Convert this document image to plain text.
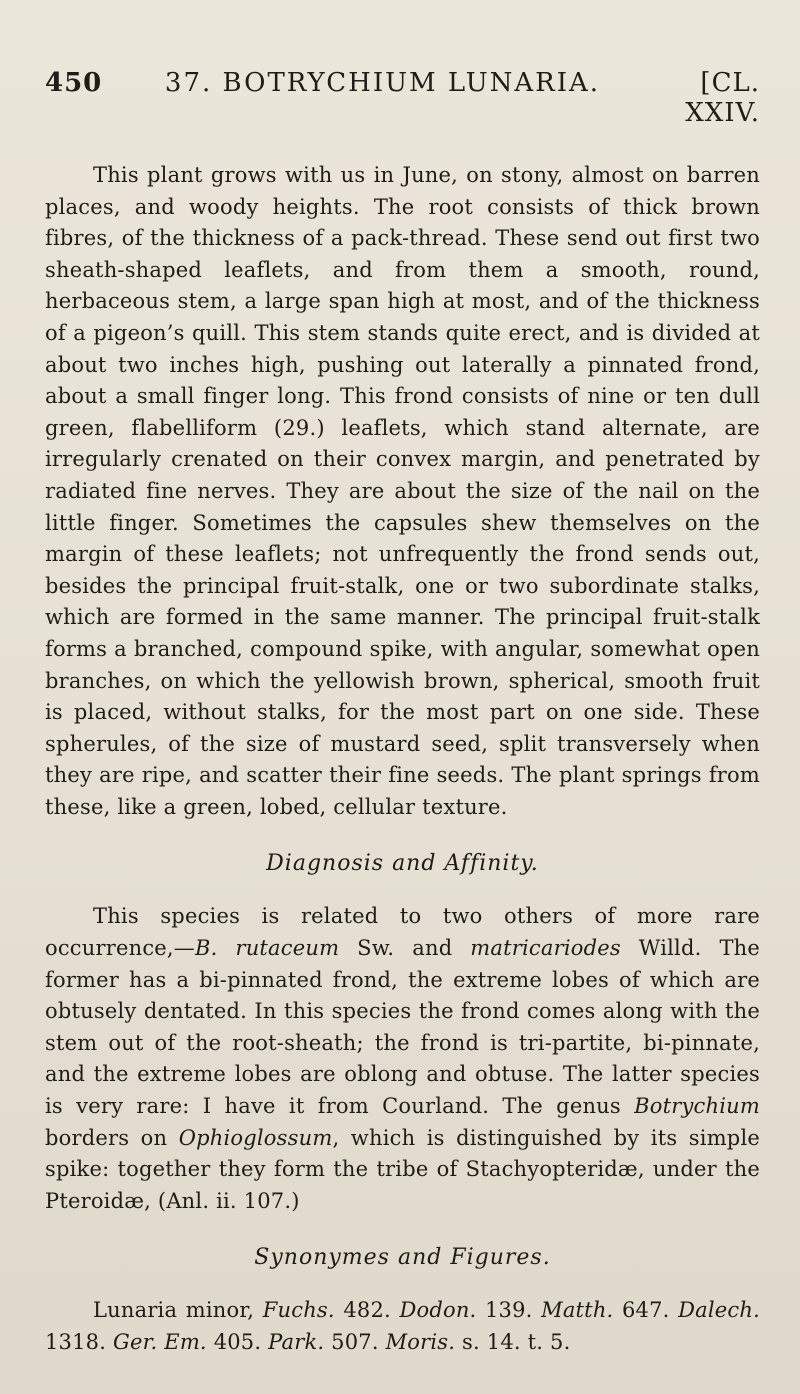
450	37. BOTRYCHIUM LUNARIA.	[CL. XXIV.

This plant grows with us in June, on stony, almost on barren places, and woody heights. The root consists of thick brown fibres, of the thickness of a pack-thread. These send out first two sheath-shaped leaflets, and from them a smooth, round, herbaceous stem, a large span high at most, and of the thickness of a pigeon’s quill. This stem stands quite erect, and is divided at about two inches high, pushing out laterally a pinnated frond, about a small finger long. This frond consists of nine or ten dull green, flabelliform (29.) leaflets, which stand alternate, are irregularly crenated on their convex margin, and penetrated by radiated fine nerves. They are about the size of the nail on the little finger. Sometimes the capsules shew themselves on the margin of these leaflets; not unfrequently the frond sends out, besides the principal fruit-stalk, one or two subordinate stalks, which are formed in the same manner. The principal fruit-stalk forms a branched, compound spike, with angular, somewhat open branches, on which the yellowish brown, spherical, smooth fruit is placed, without stalks, for the most part on one side. These spherules, of the size of mustard seed, split transversely when they are ripe, and scatter their fine seeds. The plant springs from these, like a green, lobed, cellular texture.

Diagnosis and Affinity.

This species is related to two others of more rare occurrence,—B. rutaceum Sw. and matricariodes Willd. The former has a bi-pinnated frond, the extreme lobes of which are obtusely dentated. In this species the frond comes along with the stem out of the root-sheath; the frond is tri-partite, bi-pinnate, and the extreme lobes are oblong and obtuse. The latter species is very rare: I have it from Courland. The genus Botrychium borders on Ophioglossum, which is distinguished by its simple spike: together they form the tribe of Stachyopteridæ, under the Pteroidæ, (Anl. ii. 107.)

Synonymes and Figures.

Lunaria minor, Fuchs. 482. Dodon. 139. Matth. 647. Dalech. 1318. Ger. Em. 405. Park. 507. Moris. s. 14. t. 5.
